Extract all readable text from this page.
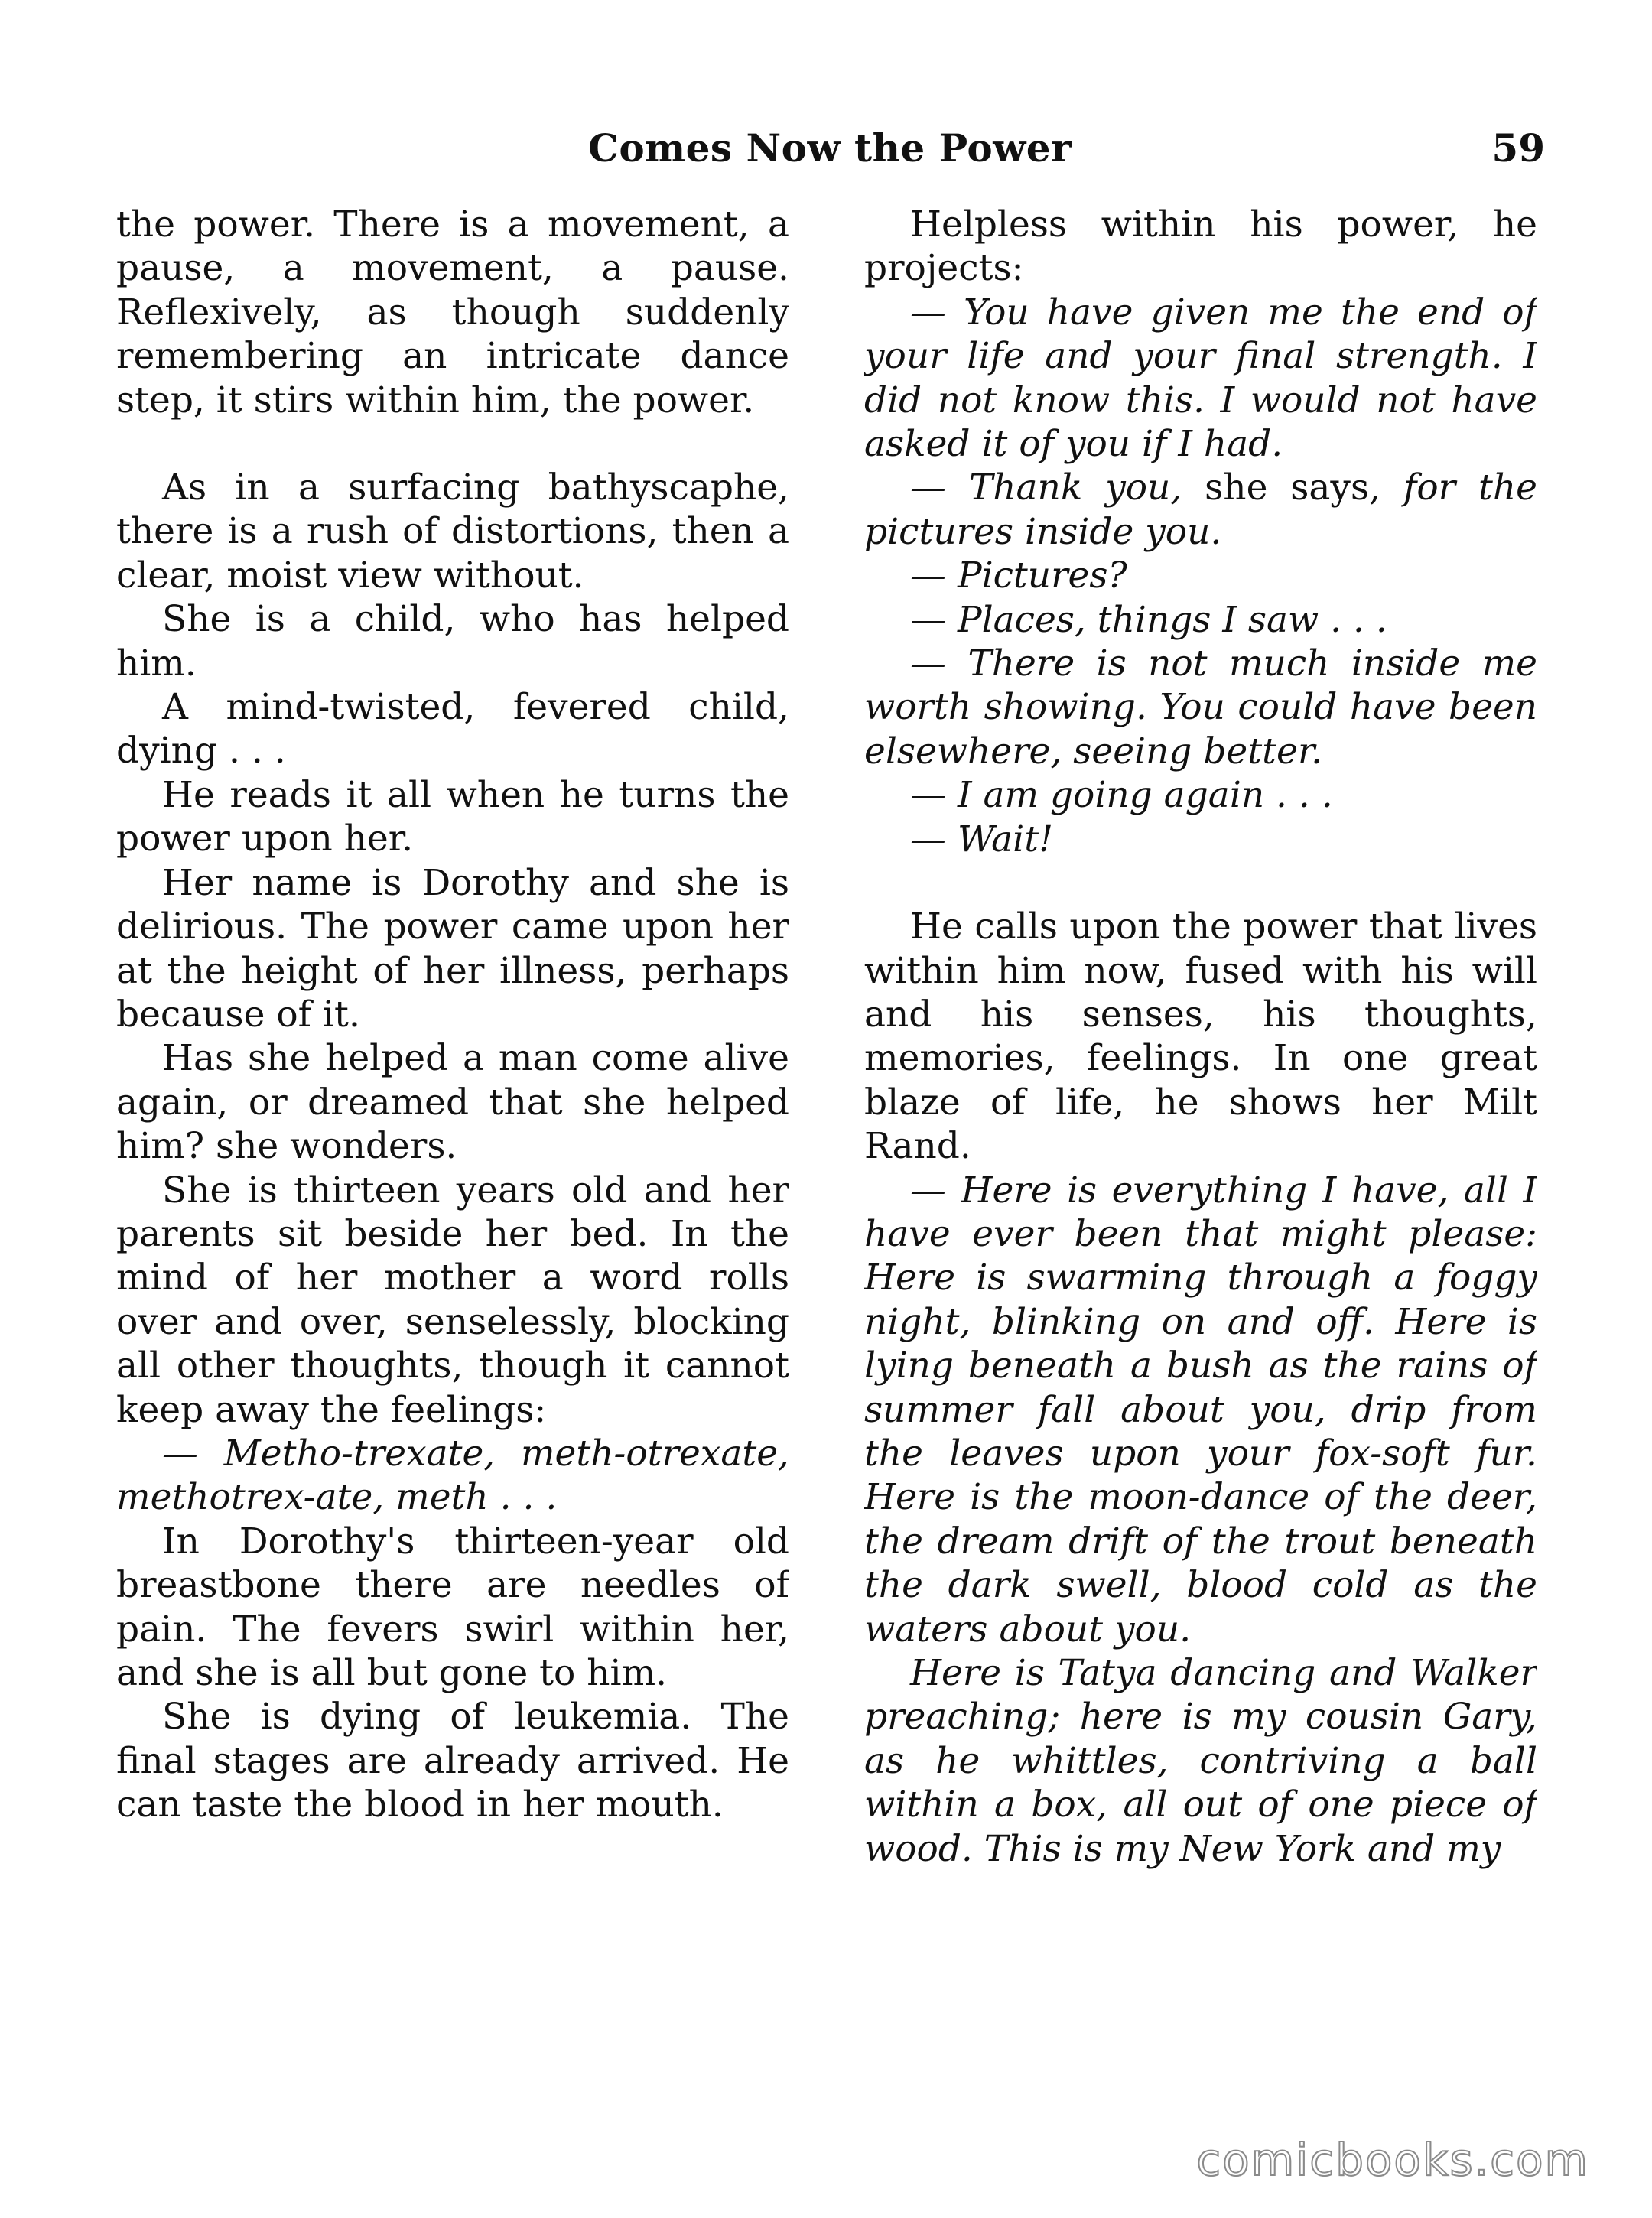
Comes Now the Power	59

the power. There is a movement, a pause, a movement, a pause. Reflexively, as though suddenly remembering an intricate dance step, it stirs within him, the power.

As in a surfacing bathyscaphe, there is a rush of distortions, then a clear, moist view without.

She is a child, who has helped him.

A mind-twisted, fevered child, dying . . .

He reads it all when he turns the power upon her.

Her name is Dorothy and she is delirious. The power came upon her at the height of her illness, perhaps because of it.

Has she helped a man come alive again, or dreamed that she helped him? she wonders.

She is thirteen years old and her parents sit beside her bed. In the mind of her mother a word rolls over and over, senselessly, blocking all other thoughts, though it cannot keep away the feelings:

— Metho-trexate, meth-otrexate, methotrex-ate, meth . . .

In Dorothy's thirteen-year old breastbone there are needles of pain. The fevers swirl within her, and she is all but gone to him.

She is dying of leukemia. The final stages are already arrived. He can taste the blood in her mouth.

Helpless within his power, he projects:

— You have given me the end of your life and your final strength. I did not know this. I would not have asked it of you if I had.

— Thank you, she says, for the pictures inside you.

— Pictures?

— Places, things I saw . . .

— There is not much inside me worth showing. You could have been elsewhere, seeing better.

— I am going again . . .

— Wait!

He calls upon the power that lives within him now, fused with his will and his senses, his thoughts, memories, feelings. In one great blaze of life, he shows her Milt Rand.

— Here is everything I have, all I have ever been that might please: Here is swarming through a foggy night, blinking on and off. Here is lying beneath a bush as the rains of summer fall about you, drip from the leaves upon your fox-soft fur. Here is the moon-dance of the deer, the dream drift of the trout beneath the dark swell, blood cold as the waters about you.

Here is Tatya dancing and Walker preaching; here is my cousin Gary, as he whittles, contriving a ball within a box, all out of one piece of wood. This is my New York and my

comicbooks.com
